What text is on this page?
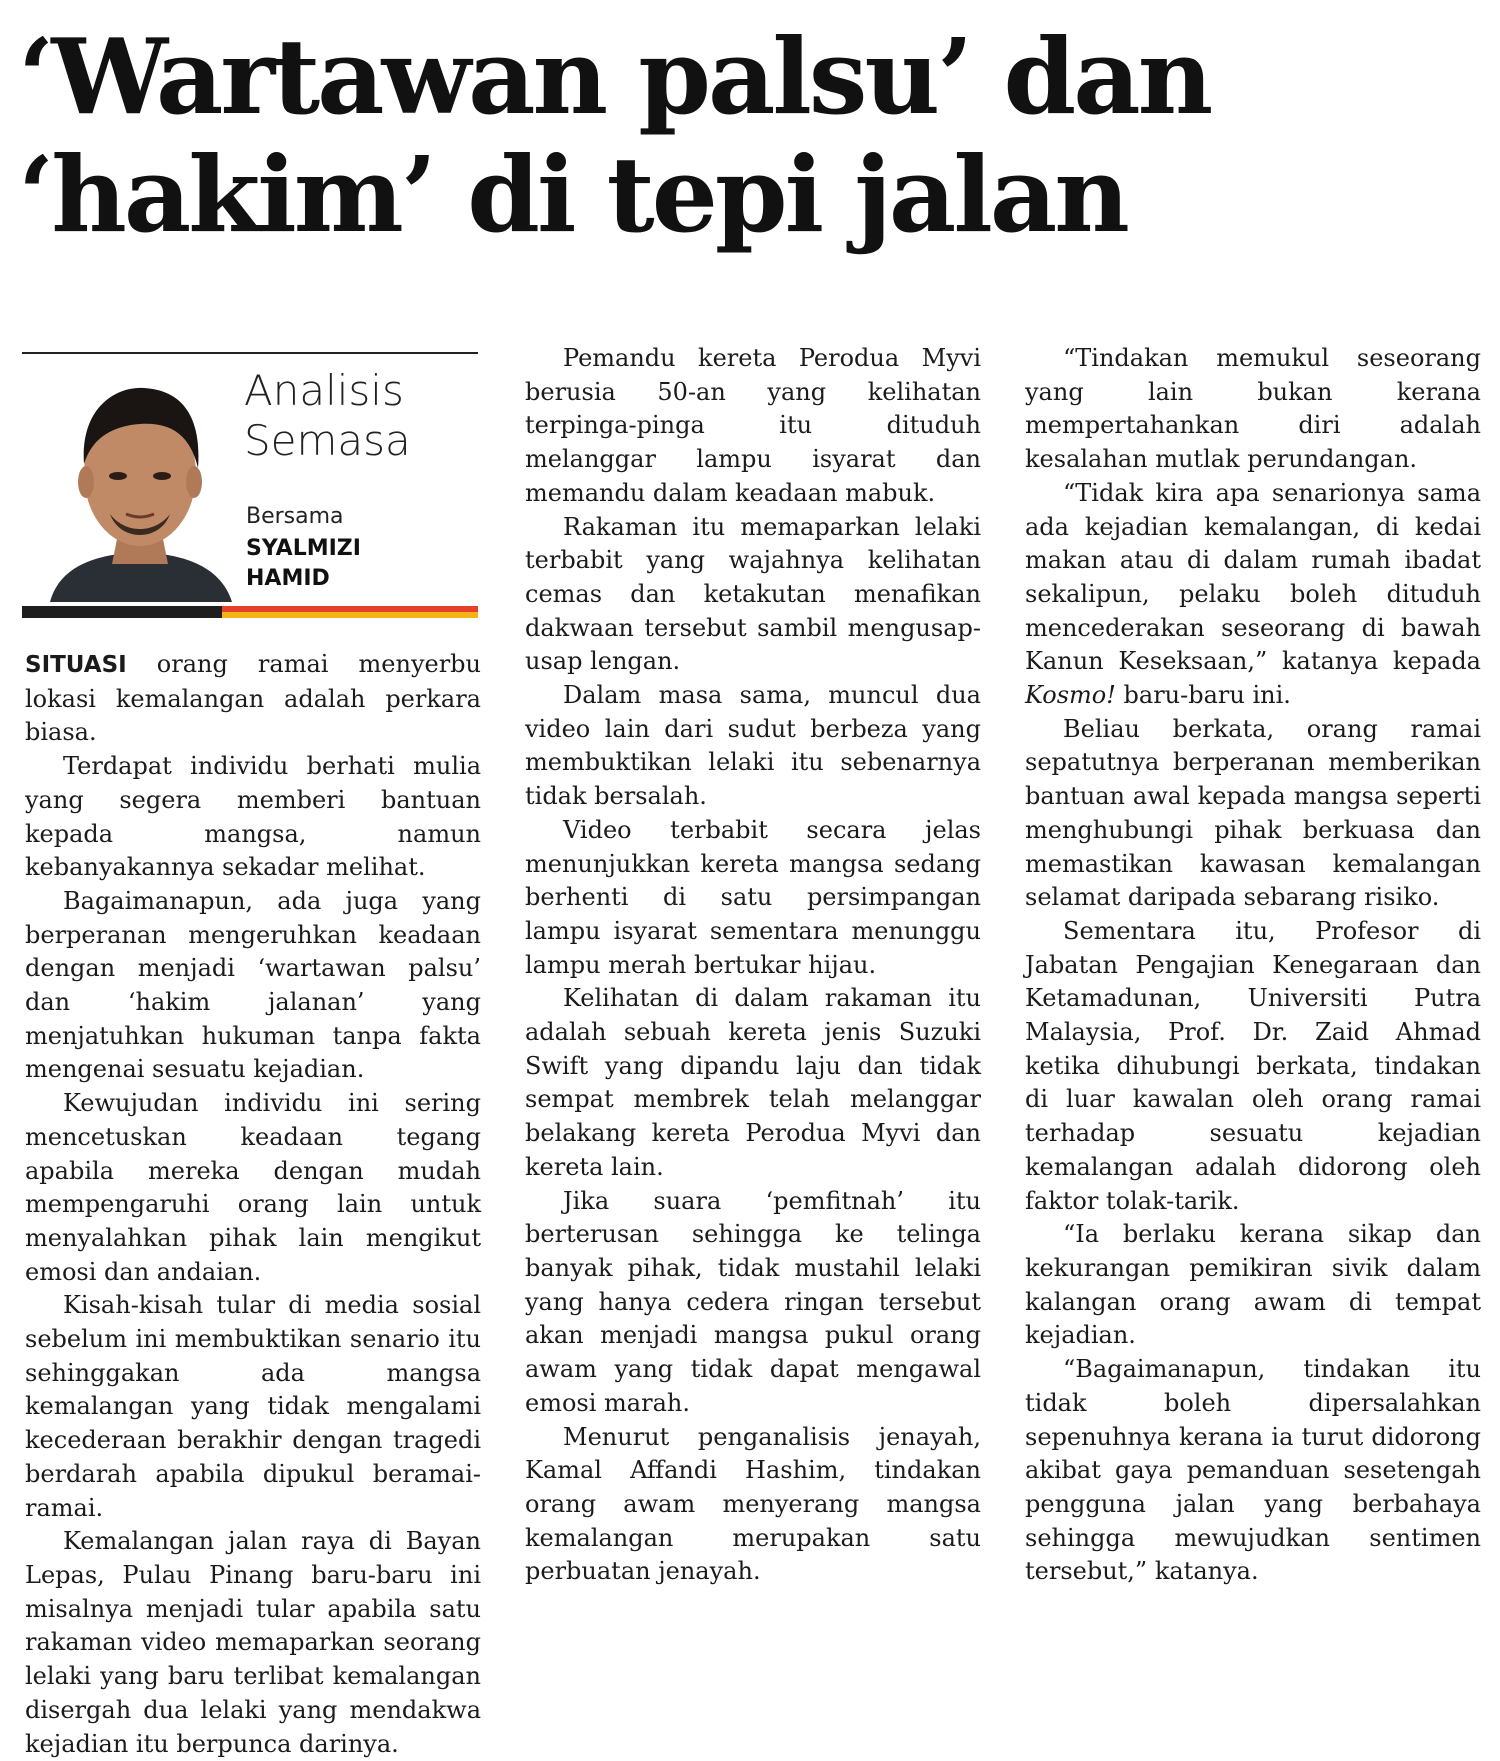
‘Wartawan palsu’ dan ‘hakim’ di tepi jalan
Analisis
Semasa
Bersama
SYALMIZI
HAMID

SITUASI orang ramai menyerbu lokasi kemalangan adalah perkara biasa.

Terdapat individu berhati mulia yang segera memberi bantuan kepada mangsa, namun kebanyakannya sekadar melihat.

Bagaimanapun, ada juga yang berperanan mengeruhkan keadaan dengan menjadi ‘wartawan palsu’ dan ‘hakim jalanan’ yang menjatuhkan hukuman tanpa fakta mengenai sesuatu kejadian.

Kewujudan individu ini sering mencetuskan keadaan tegang apabila mereka dengan mudah mempengaruhi orang lain untuk menyalahkan pihak lain mengikut emosi dan andaian.

Kisah-kisah tular di media sosial sebelum ini membuktikan senario itu sehinggakan ada mangsa kemalangan yang tidak mengalami kecederaan berakhir dengan tragedi berdarah apabila dipukul beramai-ramai.

Kemalangan jalan raya di Bayan Lepas, Pulau Pinang baru-baru ini misalnya menjadi tular apabila satu rakaman video memaparkan seorang lelaki yang baru terlibat kemalangan disergah dua lelaki yang mendakwa kejadian itu berpunca darinya.

Pemandu kereta Perodua Myvi berusia 50-an yang kelihatan terpinga-pinga itu dituduh melanggar lampu isyarat dan memandu dalam keadaan mabuk.

Rakaman itu memaparkan lelaki terbabit yang wajahnya kelihatan cemas dan ketakutan menafikan dakwaan tersebut sambil mengusap-usap lengan.

Dalam masa sama, muncul dua video lain dari sudut berbeza yang membuktikan lelaki itu sebenarnya tidak bersalah.

Video terbabit secara jelas menunjukkan kereta mangsa sedang berhenti di satu persimpangan lampu isyarat sementara menunggu lampu merah bertukar hijau.

Kelihatan di dalam rakaman itu adalah sebuah kereta jenis Suzuki Swift yang dipandu laju dan tidak sempat membrek telah melanggar belakang kereta Perodua Myvi dan kereta lain.

Jika suara ‘pemfitnah’ itu berterusan sehingga ke telinga banyak pihak, tidak mustahil lelaki yang hanya cedera ringan tersebut akan menjadi mangsa pukul orang awam yang tidak dapat mengawal emosi marah.

Menurut penganalisis jenayah, Kamal Affandi Hashim, tindakan orang awam menyerang mangsa kemalangan merupakan satu perbuatan jenayah.

“Tindakan memukul seseorang yang lain bukan kerana mempertahankan diri adalah kesalahan mutlak perundangan.

“Tidak kira apa senarionya sama ada kejadian kemalangan, di kedai makan atau di dalam rumah ibadat sekalipun, pelaku boleh dituduh mencederakan seseorang di bawah Kanun Keseksaan,” katanya kepada Kosmo! baru-baru ini.

Beliau berkata, orang ramai sepatutnya berperanan memberikan bantuan awal kepada mangsa seperti menghubungi pihak berkuasa dan memastikan kawasan kemalangan selamat daripada sebarang risiko.

Sementara itu, Profesor di Jabatan Pengajian Kenegaraan dan Ketamadunan, Universiti Putra Malaysia, Prof. Dr. Zaid Ahmad ketika dihubungi berkata, tindakan di luar kawalan oleh orang ramai terhadap sesuatu kejadian kemalangan adalah didorong oleh faktor tolak-tarik.

“Ia berlaku kerana sikap dan kekurangan pemikiran sivik dalam kalangan orang awam di tempat kejadian.

“Bagaimanapun, tindakan itu tidak boleh dipersalahkan sepenuhnya kerana ia turut didorong akibat gaya pemanduan sesetengah pengguna jalan yang berbahaya sehingga mewujudkan sentimen tersebut,” katanya.
